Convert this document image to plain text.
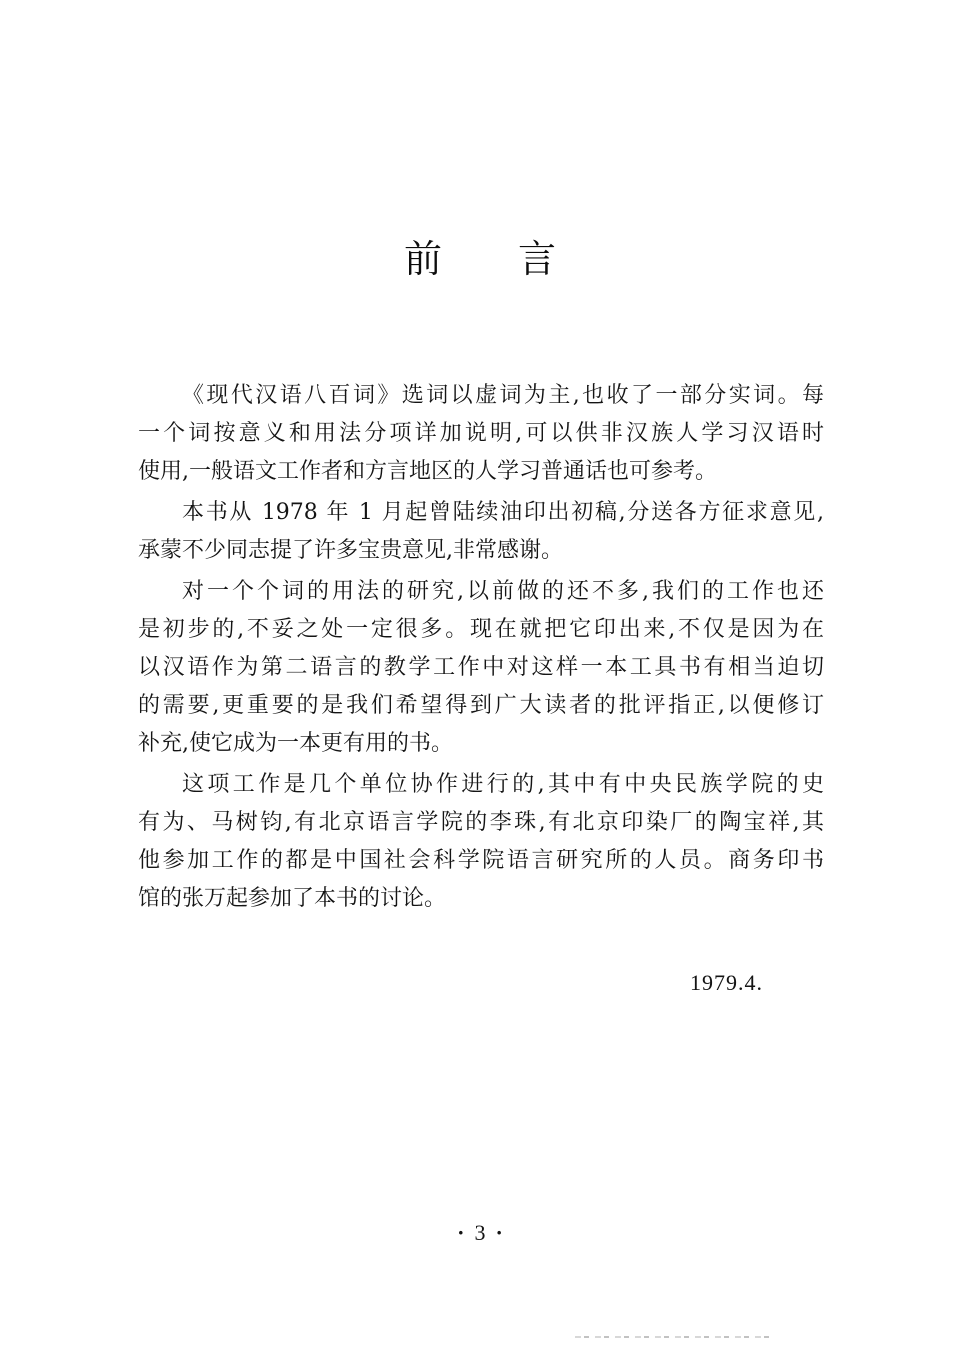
前 言
《现代汉语八百词》选词以虚词为主,也收了一部分实词。每
一个词按意义和用法分项详加说明,可以供非汉族人学习汉语时
使用,一般语文工作者和方言地区的人学习普通话也可参考。
本书从 1978 年 1 月起曾陆续油印出初稿,分送各方征求意见,
承蒙不少同志提了许多宝贵意见,非常感谢。
对一个个词的用法的研究,以前做的还不多,我们的工作也还
是初步的,不妥之处一定很多。现在就把它印出来,不仅是因为在
以汉语作为第二语言的教学工作中对这样一本工具书有相当迫切
的需要,更重要的是我们希望得到广大读者的批评指正,以便修订
补充,使它成为一本更有用的书。
这项工作是几个单位协作进行的,其中有中央民族学院的史
有为、马树钧,有北京语言学院的李珠,有北京印染厂的陶宝祥,其
他参加工作的都是中国社会科学院语言研究所的人员。商务印书
馆的张万起参加了本书的讨论。
1979.4.
· 3 ·
